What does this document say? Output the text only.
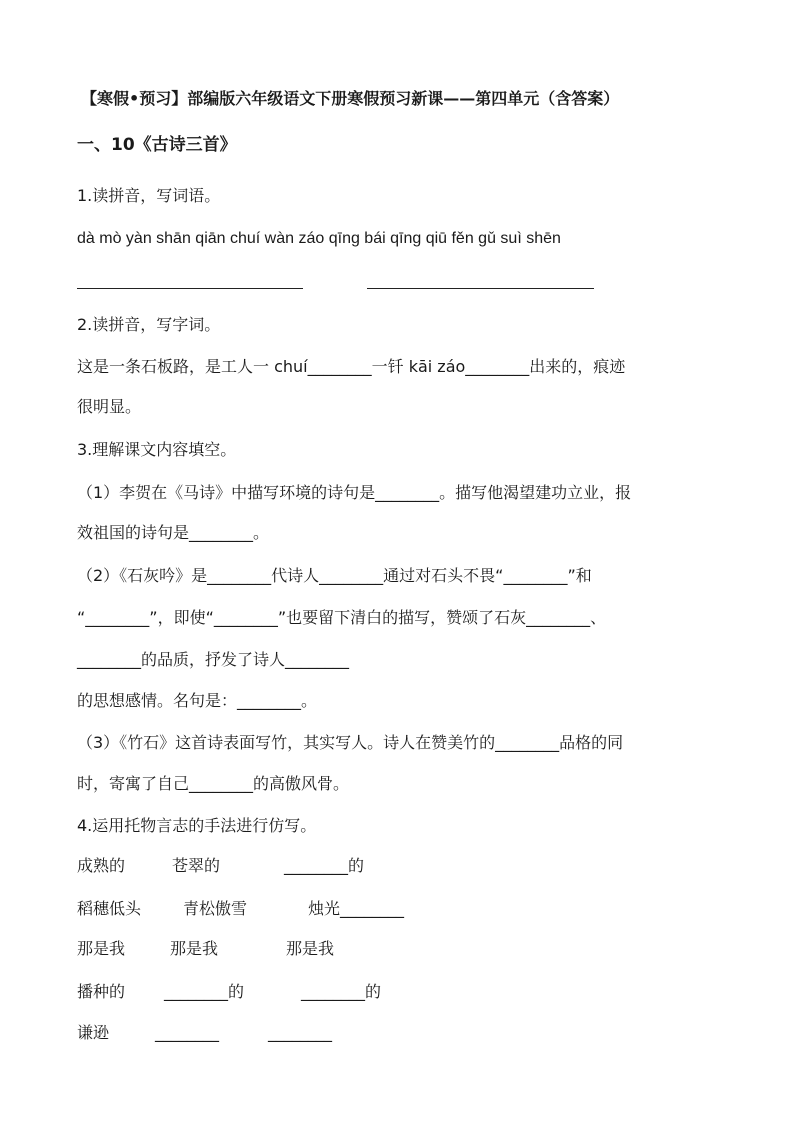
【寒假•预习】部编版六年级语文下册寒假预习新课——第四单元（含答案）
一、10《古诗三首》
1.读拼音，写词语。
dà mò yàn shān qiān chuí wàn záo qīng bái qīng qiū fěn gǔ suì shēn
2.读拼音，写字词。
这是一条石板路，是工人一 chuí________一钎 kāi záo________出来的，痕迹
很明显。
3.理解课文内容填空。
（1）李贺在《马诗》中描写环境的诗句是________。描写他渴望建功立业，报
效祖国的诗句是________。
（2）《石灰吟》是________代诗人________通过对石头不畏“________”和
“________”，即使“________”也要留下清白的描写，赞颂了石灰________、
________的品质，抒发了诗人________
的思想感情。名句是：________。
（3）《竹石》这首诗表面写竹，其实写人。诗人在赞美竹的________品格的同
时，寄寓了自己________的高傲风骨。
4.运用托物言志的手法进行仿写。
成熟的	苍翠的	________的
稻穗低头	青松傲雪	烛光________
那是我	那是我	那是我
播种的 ________的	________的
谦逊	________	________
